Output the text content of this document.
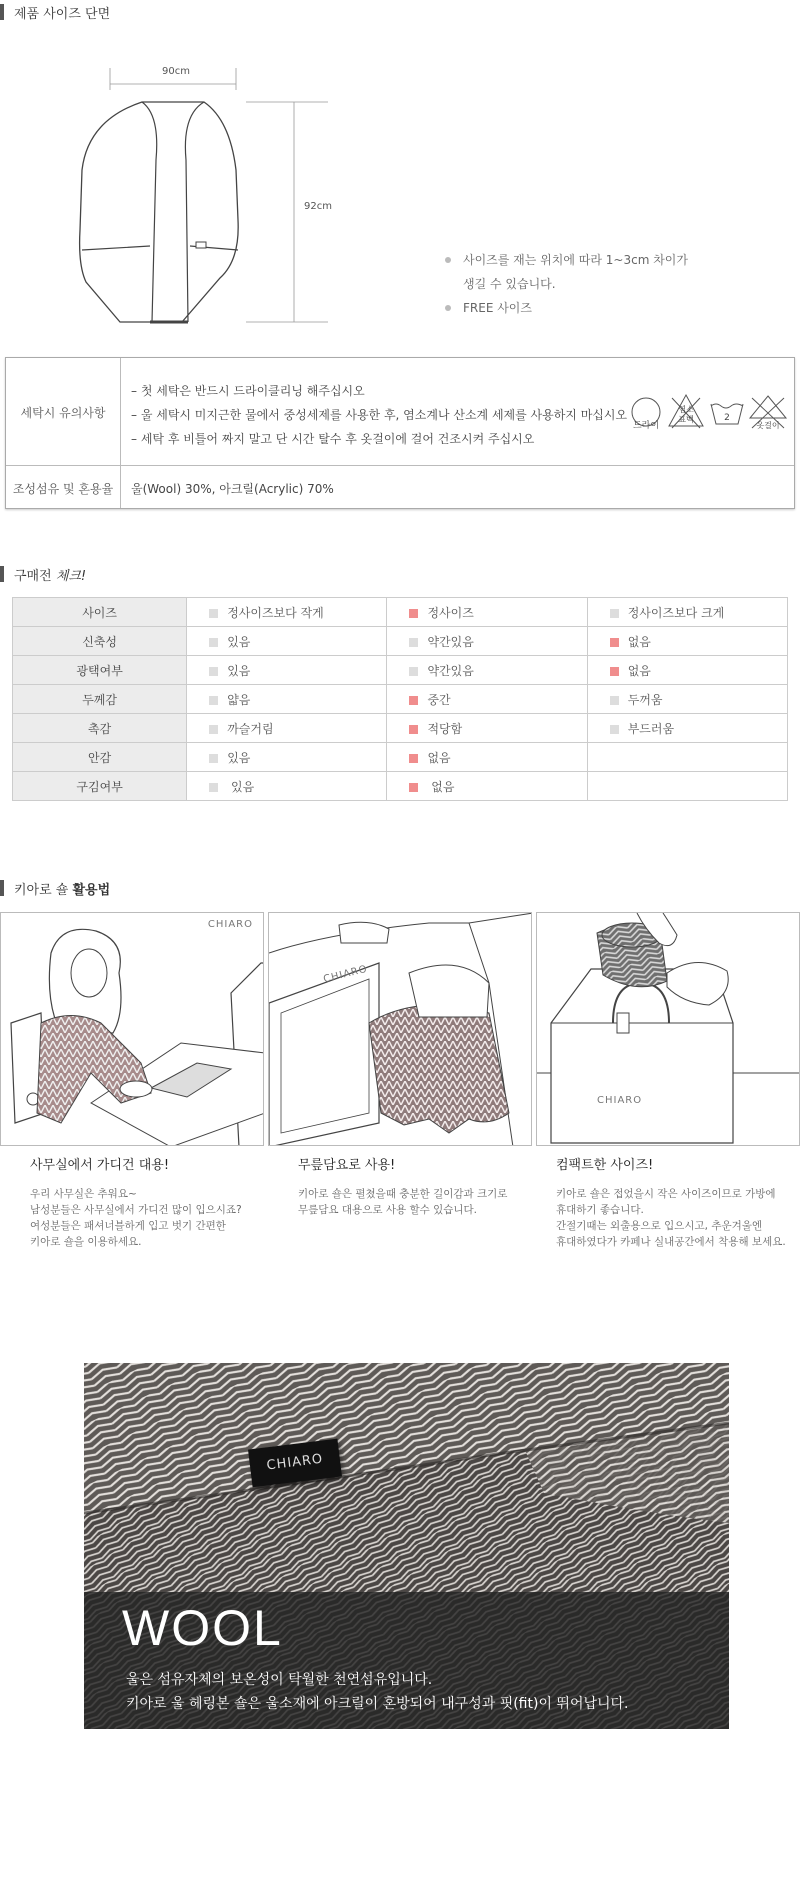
제품 사이즈 단면
90cm
92cm
사이즈를 재는 위치에 따라 1~3cm 차이가
생길 수 있습니다.
FREE 사이즈
세탁시 유의사항
– 첫 세탁은 반드시 드라이클리닝 해주십시오
– 울 세탁시 미지근한 물에서 중성세제를 사용한 후, 염소계나 산소계 세제를 사용하지 마십시오
– 세탁 후 비틀어 짜지 말고 단 시간 탈수 후 옷걸이에 걸어 건조시켜 주십시오
드라이
염소
표백	2
옷걸이
조성섬유 및 혼용율	울(Wool) 30%, 아크릴(Acrylic) 70%
구매전 체크!
사이즈	정사이즈보다 작게	정사이즈	정사이즈보다 크게
신축성	있음	약간있음	없음
광택여부	있음	약간있음	없음
두께감	얇음	중간	두꺼움
촉감	까슬거림	적당함	부드러움
안감	있음	없음	
구김여부	있음	없음	
키아로 숄 활용법
CHIARO
CHIARO
CHIARO
사무실에서 가디건 대용!
우리 사무실은 추워요~
남성분들은 사무실에서 가디건 많이 입으시죠?
여성분들은 패셔너블하게 입고 벗기 간편한
키아로 숄을 이용하세요.
무릎담요로 사용!
키아로 숄은 펼쳤을때 충분한 길이감과 크기로
무릎담요 대용으로 사용 할수 있습니다.
컴팩트한 사이즈!
키아로 숄은 접었을시 작은 사이즈이므로 가방에
휴대하기 좋습니다.
간절기때는 외출용으로 입으시고, 추운겨울엔
휴대하였다가 카페나 실내공간에서 착용해 보세요.
CHIARO
WOOL
울은 섬유자체의 보온성이 탁월한 천연섬유입니다.
키아로 울 헤링본 숄은 울소재에 아크릴이 혼방되어 내구성과 핏(fit)이 뛰어납니다.
